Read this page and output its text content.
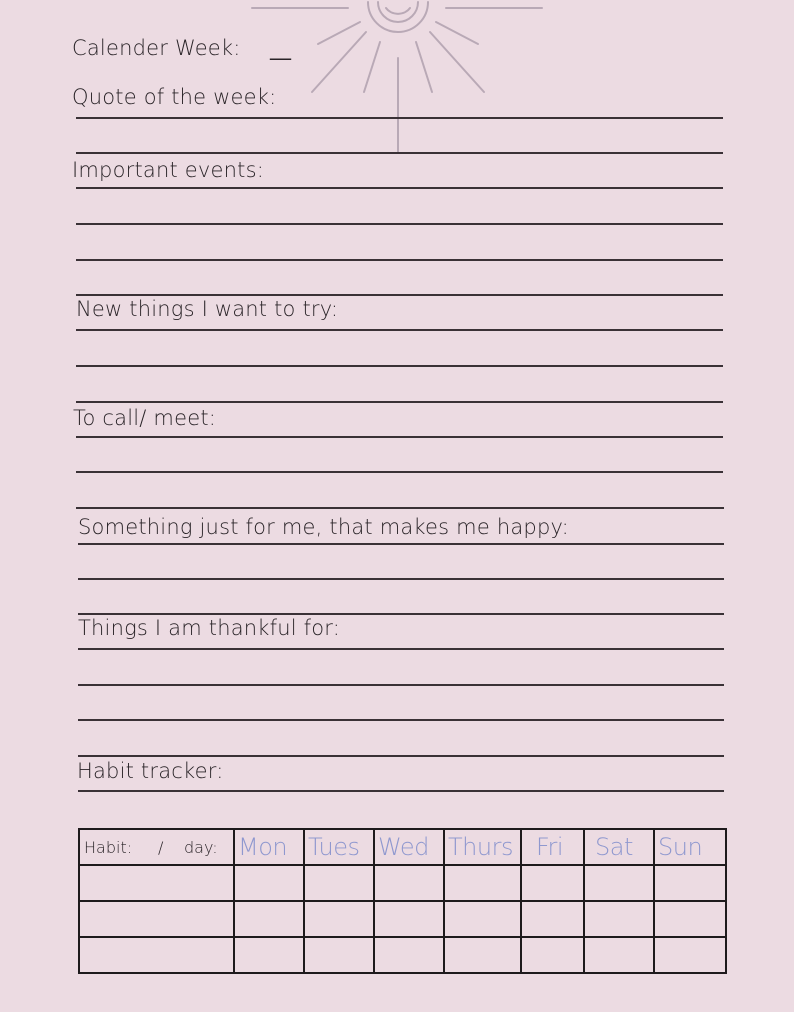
Calender Week: __
Quote of the week:
Important events:
New things I want to try:
To call/ meet:
Something just for me, that makes me happy:
Things I am thankful for:
Habit tracker:
Habit: / day:	Mon	Tues	Wed	Thurs	Fri	Sat	Sun
